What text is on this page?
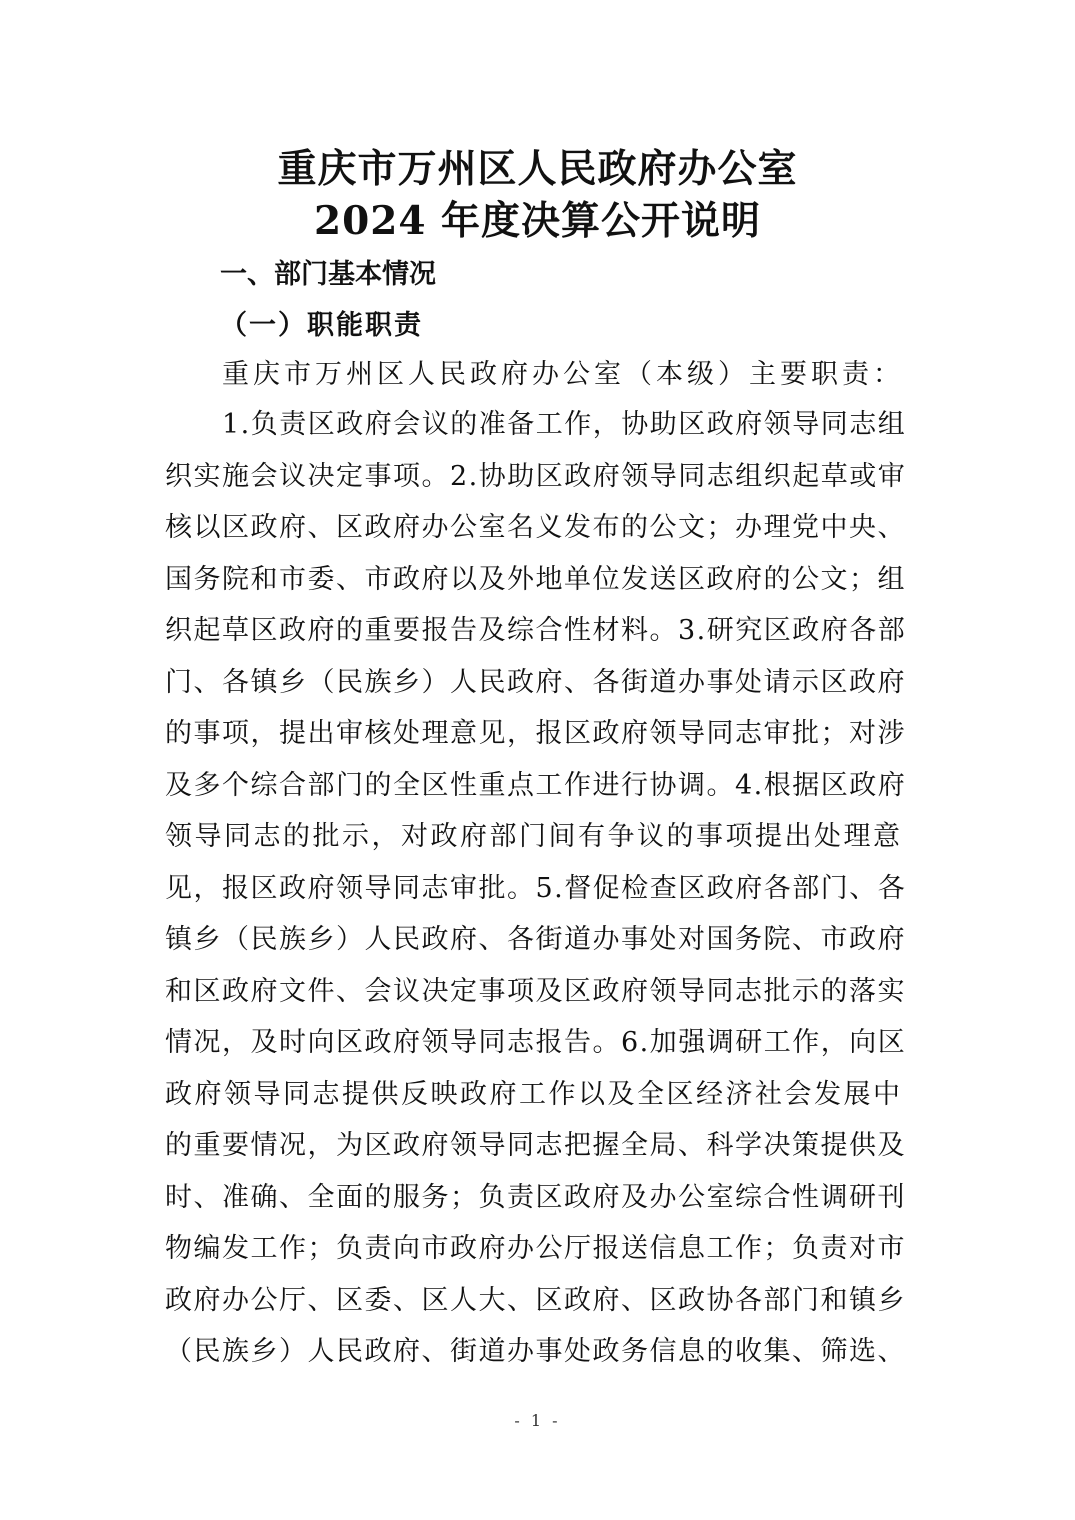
重庆市万州区人民政府办公室
2024 年度决算公开说明
一、部门基本情况
（一）职能职责
重庆市万州区人民政府办公室（本级）主要职责：
1.负责区政府会议的准备工作，协助区政府领导同志组
织实施会议决定事项。2.协助区政府领导同志组织起草或审
核以区政府、区政府办公室名义发布的公文；办理党中央、
国务院和市委、市政府以及外地单位发送区政府的公文；组
织起草区政府的重要报告及综合性材料。3.研究区政府各部
门、各镇乡（民族乡）人民政府、各街道办事处请示区政府
的事项，提出审核处理意见，报区政府领导同志审批；对涉
及多个综合部门的全区性重点工作进行协调。4.根据区政府
领导同志的批示，对政府部门间有争议的事项提出处理意
见，报区政府领导同志审批。5.督促检查区政府各部门、各
镇乡（民族乡）人民政府、各街道办事处对国务院、市政府
和区政府文件、会议决定事项及区政府领导同志批示的落实
情况，及时向区政府领导同志报告。6.加强调研工作，向区
政府领导同志提供反映政府工作以及全区经济社会发展中
的重要情况，为区政府领导同志把握全局、科学决策提供及
时、准确、全面的服务；负责区政府及办公室综合性调研刊
物编发工作；负责向市政府办公厅报送信息工作；负责对市
政府办公厅、区委、区人大、区政府、区政协各部门和镇乡
（民族乡）人民政府、街道办事处政务信息的收集、筛选、
- 1 -
